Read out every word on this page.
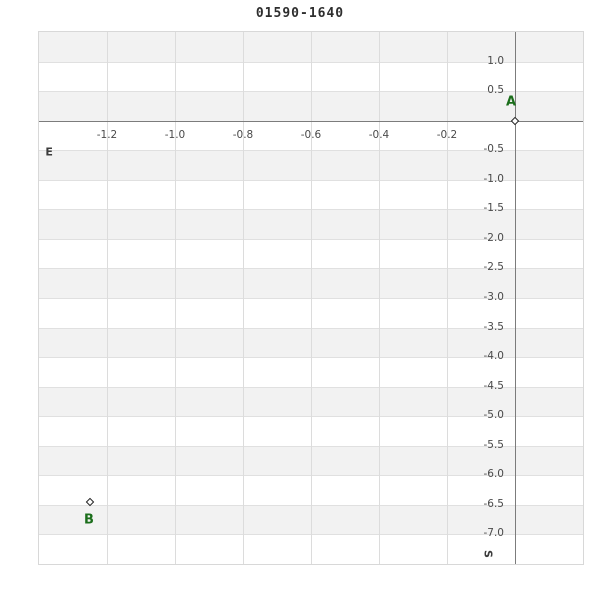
01590-1640
-1.2	-1.0	-0.8	-0.6	-0.4	-0.2
1.0
0.5
-0.5
-1.0
-1.5
-2.0
-2.5
-3.0
-3.5
-4.0
-4.5
-5.0
-5.5
-6.0
-6.5
-7.0
A
B
E
S
